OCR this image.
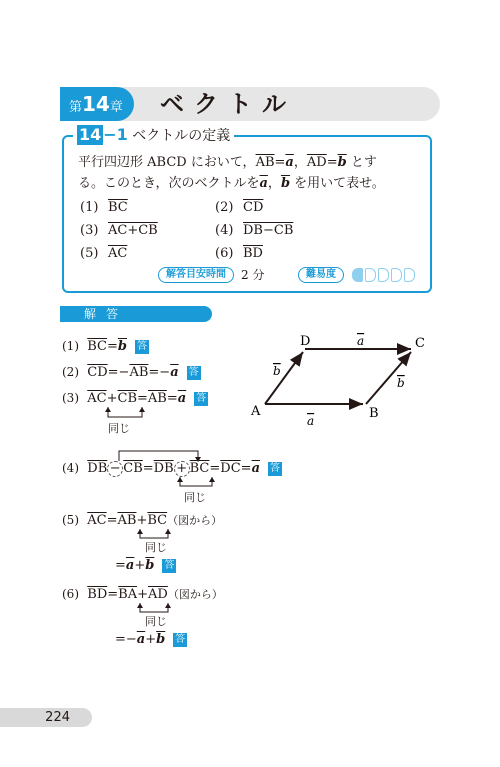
第14章	ベクトル
14 −1 ベクトルの定義
平行四辺形 ABCD において，$\overline{AB}=\overline{a}$，$\overline{AD}=\overline{b}$ とす
る。このとき，次のベクトルを$\overline{a}$，$\overline{b}$ を用いて表せ。
(1) $\overline{BC}$	(2) $\overline{CD}$
(3) AC+CB	(4) DB−CB
(5) $\overline{AC}$	(6) $\overline{BD}$
解答目安時間	2 分	難易度
解答
(1) $\overline{BC}=\overline{b}$ 答
(2) $\overline{CD}=-\overline{AB}=-\overline{a}$ 答
(3) $\overline{AC}+\overline{CB}=\overline{AB}=\overline{a}$ 答
同じ
(4) $\overline{DB} - \overline{CB}=\overline{DB} + \overline{BC}=\overline{DC}=\overline{a}$ 答
同じ
(5) $\overline{AC}=\overline{AB}+\overline{BC}$（図から）
同じ
$=\overline{a}+\overline{b}$ 答
(6) $\overline{BD}=\overline{BA}+\overline{AD}$（図から）
同じ
$=-\overline{a}+\overline{b}$ 答
A	B
C
D
a
a
b
b
224
